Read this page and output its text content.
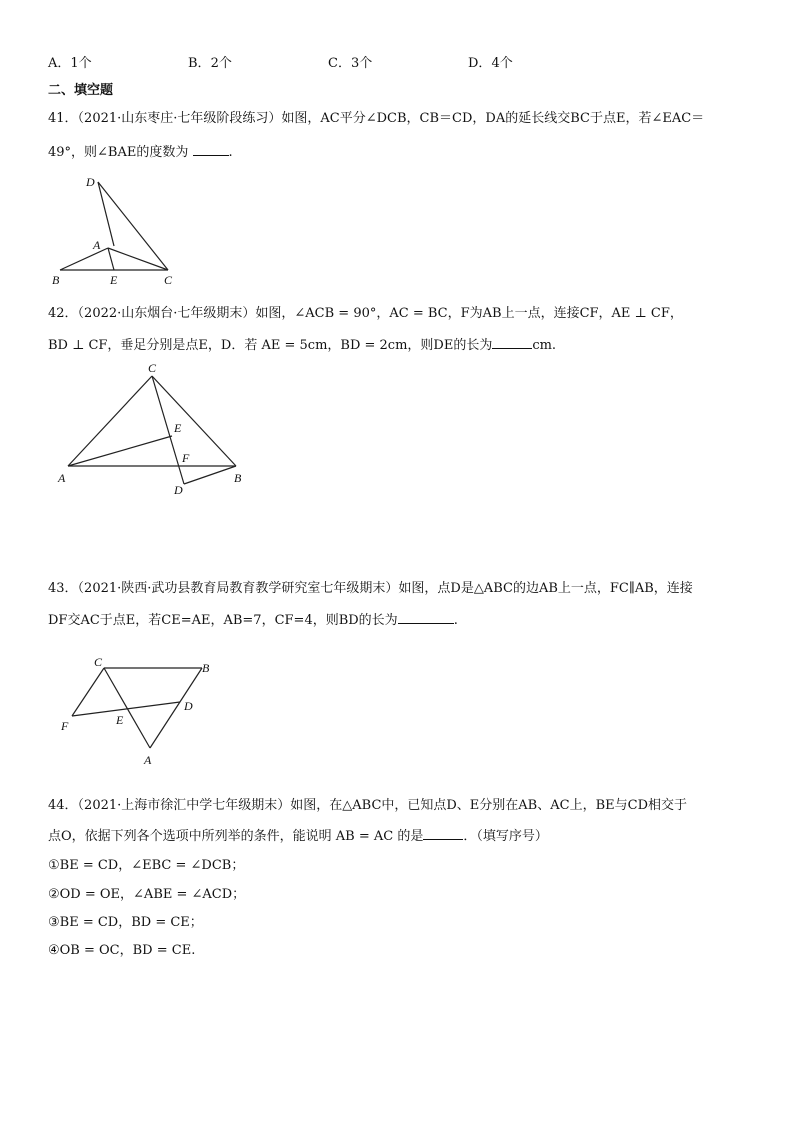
A．1个	B．2个	C．3个	D．4个
二、填空题
41．（2021·山东枣庄·七年级阶段练习）如图，AC平分∠DCB，CB＝CD，DA的延长线交BC于点E，若∠EAC＝
49°，则∠BAE的度数为	.
D
A
B	E	C
42．（2022·山东烟台·七年级期末）如图，∠ACB = 90°，AC = BC，F为AB上一点，连接CF，AE ⊥ CF，
BD ⊥ CF，垂足分别是点E，D．若 AE = 5cm，BD = 2cm，则DE的长为	cm.
C
E
F
A	B
D
43．（2021·陕西·武功县教育局教育教学研究室七年级期末）如图，点D是△ABC的边AB上一点，FC∥AB，连接
DF交AC于点E，若CE=AE，AB=7，CF=4，则BD的长为	.
C	B
D
E
F
A
44．（2021·上海市徐汇中学七年级期末）如图，在△ABC中，已知点D、E分别在AB、AC上，BE与CD相交于
点O，依据下列各个选项中所列举的条件，能说明 AB = AC 的是	．（填写序号）
①BE = CD，∠EBC = ∠DCB；
②OD = OE，∠ABE = ∠ACD；
③BE = CD，BD = CE；
④OB = OC，BD = CE.
